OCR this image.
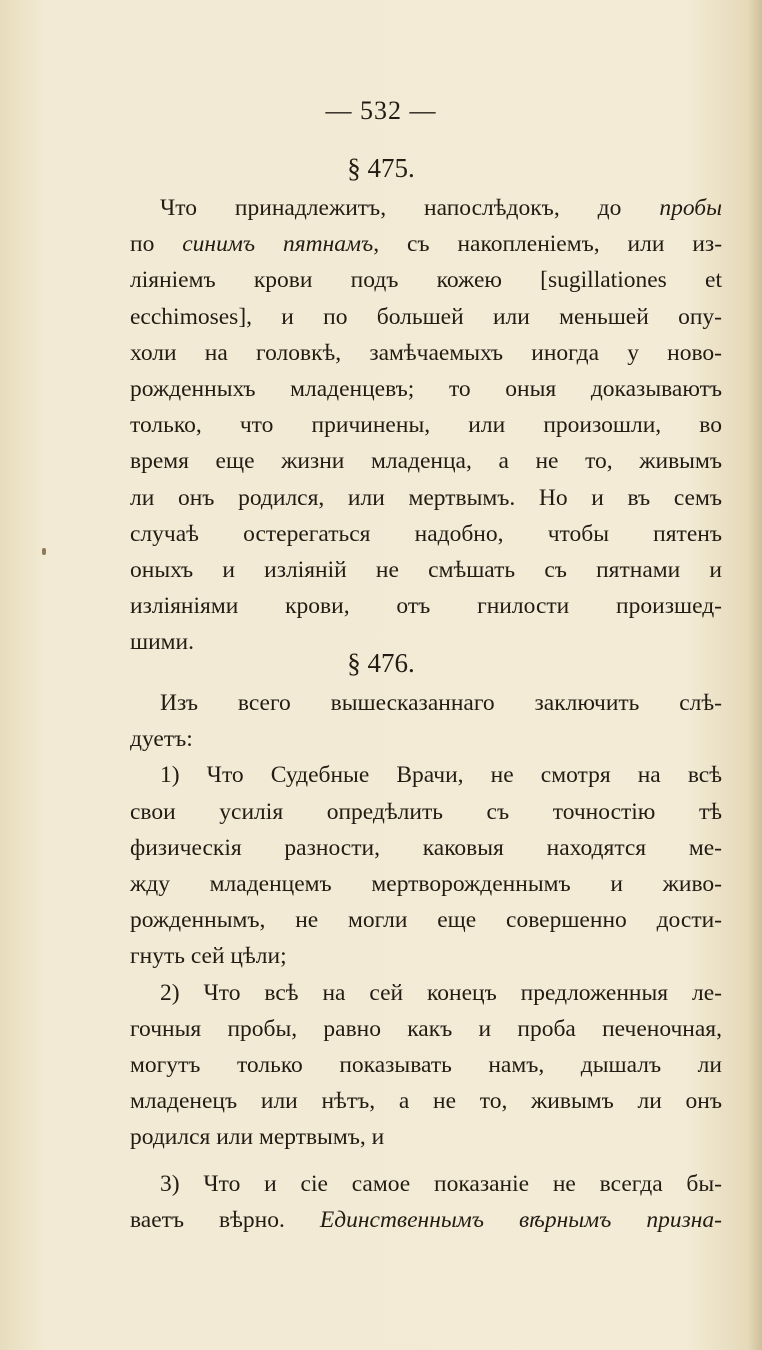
— 532 —
§ 475.
Что принадлежитъ, напослѣдокъ, до пробы
по синимъ пятнамъ, съ накопленіемъ, или из-
ліяніемъ крови подъ кожею [sugillationes et
ecchimoses], и по большей или меньшей опу-
холи на головкѣ, замѣчаемыхъ иногда у ново-
рожденныхъ младенцевъ; то оныя доказываютъ
только, что причинены, или произошли, во
время еще жизни младенца, а не то, живымъ
ли онъ родился, или мертвымъ. Но и въ семъ
случаѣ остерегаться надобно, чтобы пятенъ
оныхъ и изліяній не смѣшать съ пятнами и
изліяніями крови, отъ гнилости произшед-
шими.
§ 476.
Изъ всего вышесказаннаго заключить слѣ-
дуетъ:
1) Что Судебные Врачи, не смотря на всѣ
свои усилія опредѣлить съ точностію тѣ
физическія разности, каковыя находятся ме-
жду младенцемъ мертворожденнымъ и живо-
рожденнымъ, не могли еще совершенно дости-
гнуть сей цѣли;
2) Что всѣ на сей конецъ предложенныя ле-
гочныя пробы, равно какъ и проба печеночная,
могутъ только показывать намъ, дышалъ ли
младенецъ или нѣтъ, а не то, живымъ ли онъ
родился или мертвымъ, и
3) Что и сіе самое показаніе не всегда бы-
ваетъ вѣрно. Единственнымъ вѣрнымъ призна-
